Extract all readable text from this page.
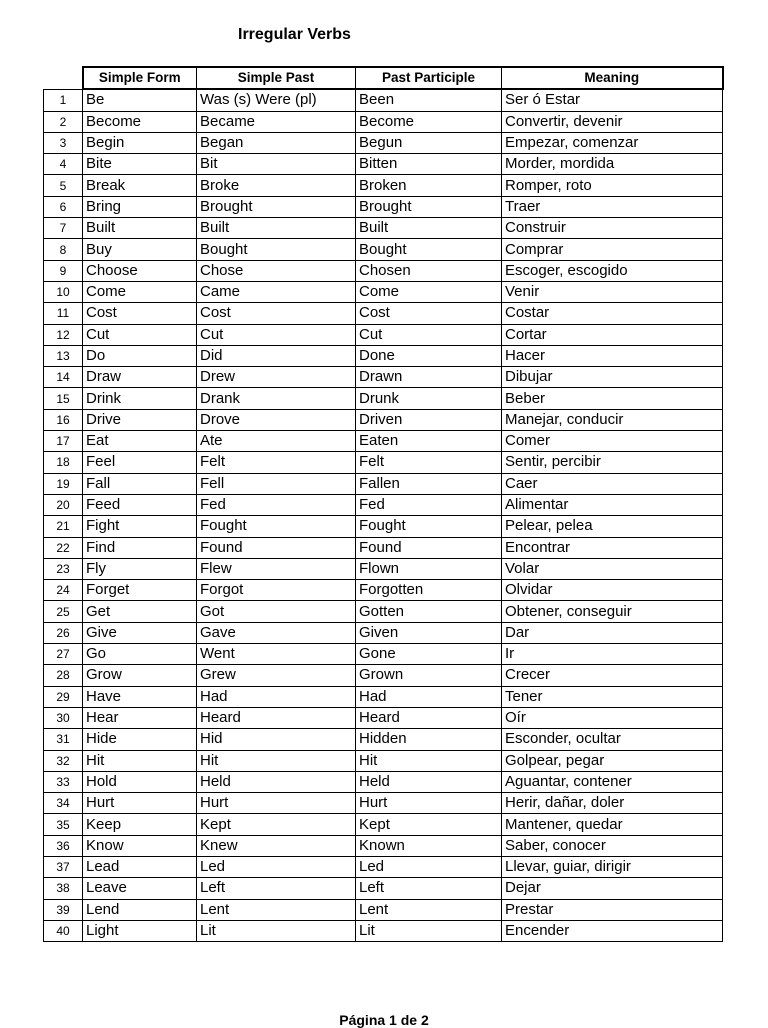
Irregular Verbs
	Simple Form	Simple Past	Past Participle	Meaning
1	Be	Was (s) Were (pl)	Been	Ser ó Estar
2	Become	Became	Become	Convertir, devenir
3	Begin	Began	Begun	Empezar, comenzar
4	Bite	Bit	Bitten	Morder, mordida
5	Break	Broke	Broken	Romper, roto
6	Bring	Brought	Brought	Traer
7	Built	Built	Built	Construir
8	Buy	Bought	Bought	Comprar
9	Choose	Chose	Chosen	Escoger, escogido
10	Come	Came	Come	Venir
11	Cost	Cost	Cost	Costar
12	Cut	Cut	Cut	Cortar
13	Do	Did	Done	Hacer
14	Draw	Drew	Drawn	Dibujar
15	Drink	Drank	Drunk	Beber
16	Drive	Drove	Driven	Manejar, conducir
17	Eat	Ate	Eaten	Comer
18	Feel	Felt	Felt	Sentir, percibir
19	Fall	Fell	Fallen	Caer
20	Feed	Fed	Fed	Alimentar
21	Fight	Fought	Fought	Pelear, pelea
22	Find	Found	Found	Encontrar
23	Fly	Flew	Flown	Volar
24	Forget	Forgot	Forgotten	Olvidar
25	Get	Got	Gotten	Obtener, conseguir
26	Give	Gave	Given	Dar
27	Go	Went	Gone	Ir
28	Grow	Grew	Grown	Crecer
29	Have	Had	Had	Tener
30	Hear	Heard	Heard	Oír
31	Hide	Hid	Hidden	Esconder, ocultar
32	Hit	Hit	Hit	Golpear, pegar
33	Hold	Held	Held	Aguantar, contener
34	Hurt	Hurt	Hurt	Herir, dañar, doler
35	Keep	Kept	Kept	Mantener, quedar
36	Know	Knew	Known	Saber, conocer
37	Lead	Led	Led	Llevar, guiar, dirigir
38	Leave	Left	Left	Dejar
39	Lend	Lent	Lent	Prestar
40	Light	Lit	Lit	Encender
Página 1 de 2
